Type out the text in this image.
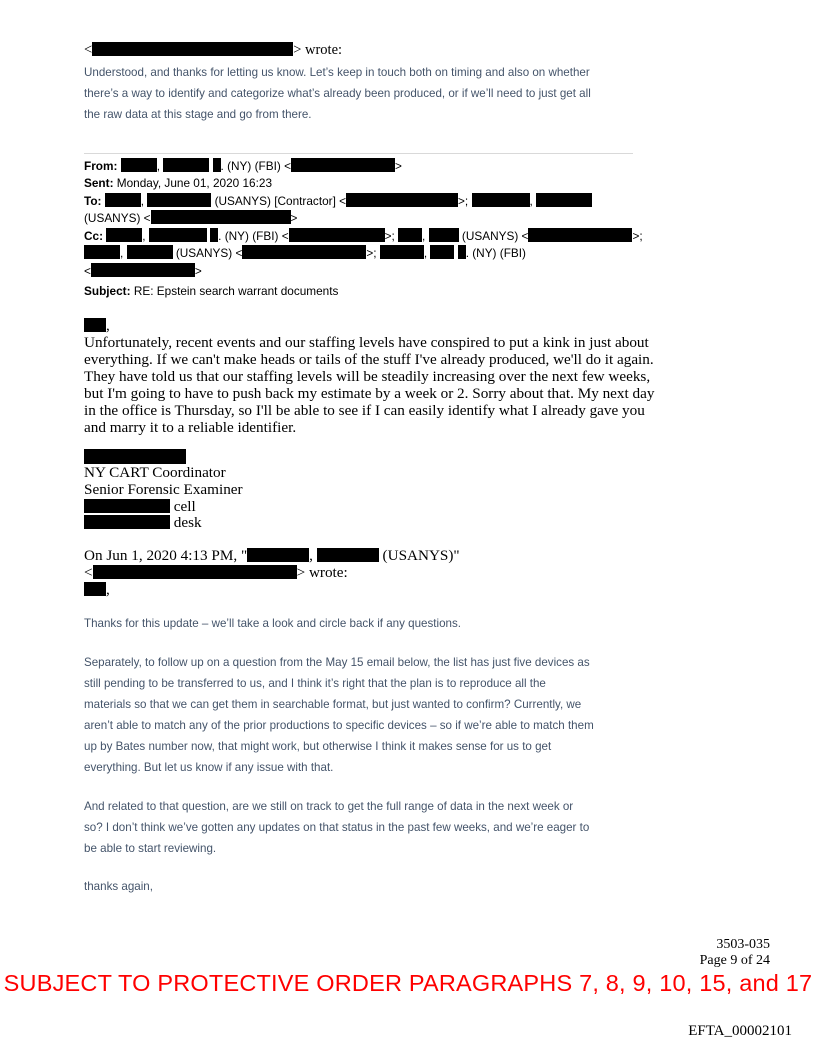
<	> wrote:
Understood, and thanks for letting us know. Let’s keep in touch both on timing and also on whether
there’s a way to identify and categorize what’s already been produced, or if we’ll need to just get all
the raw data at this stage and go from there.
From:	,	. (NY) (FBI) <	>
Sent: Monday, June 01, 2020 16:23
To:	,	(USANYS) [Contractor] <	>;	,
(USANYS) <	>
Cc:	,	. (NY) (FBI) <	>; ,	(USANYS) <	>;
,	(USANYS) <	>;	,	. (NY) (FBI)
<	>
Subject: RE: Epstein search warrant documents
,
Unfortunately, recent events and our staffing levels have conspired to put a kink in just about
everything. If we can't make heads or tails of the stuff I've already produced, we'll do it again.
They have told us that our staffing levels will be steadily increasing over the next few weeks,
but I'm going to have to push back my estimate by a week or 2. Sorry about that. My next day
in the office is Thursday, so I'll be able to see if I can easily identify what I already gave you
and marry it to a reliable identifier.
NY CART Coordinator
Senior Forensic Examiner
cell
desk
On Jun 1, 2020 4:13 PM, "	,	(USANYS)"
<	> wrote:
,
Thanks for this update – we’ll take a look and circle back if any questions.
Separately, to follow up on a question from the May 15 email below, the list has just five devices as
still pending to be transferred to us, and I think it’s right that the plan is to reproduce all the
materials so that we can get them in searchable format, but just wanted to confirm? Currently, we
aren’t able to match any of the prior productions to specific devices – so if we’re able to match them
up by Bates number now, that might work, but otherwise I think it makes sense for us to get
everything. But let us know if any issue with that.
And related to that question, are we still on track to get the full range of data in the next week or
so? I don’t think we’ve gotten any updates on that status in the past few weeks, and we’re eager to
be able to start reviewing.
thanks again,
3503-035
Page 9 of 24
SUBJECT TO PROTECTIVE ORDER PARAGRAPHS 7, 8, 9, 10, 15, and 17
EFTA_00002101
